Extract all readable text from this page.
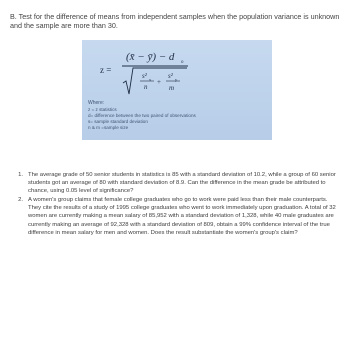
B. Test for the difference of means from independent samples when the population variance is unknown and the sample are more than 30.
z =
(x̄ − ȳ) − d o
s² x
n
+
s² y
m
Where:
z = z statistics
d= difference between the two paired of observations
s= sample standard deviation
n & m =sample size
1. The average grade of 50 senior students in statistics is 85 with a standard deviation of 10.2, while a group of 60 senior students got an average of 80 with standard deviation of 8.9. Can the difference in the mean grade be attributed to chance, using 0.05 level of significance?
2. A women's group claims that female college graduates who go to work were paid less than their male counterparts. They cite the results of a study of 1995 college graduates who went to work immediately upon graduation. A total of 32 women are currently making a mean salary of 85,952 with a standard deviation of 1,328, while 40 male graduates are currently making an average of 92,328 with a standard deviation of 809, obtain a 99% confidence interval of the true difference in mean salary for men and women. Does the result substantiate the women's group's claim?
